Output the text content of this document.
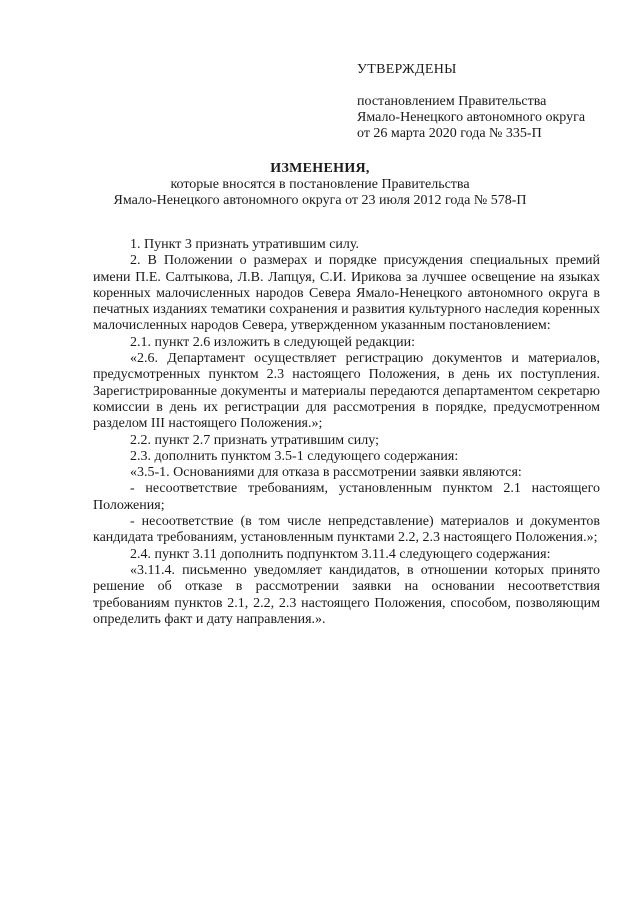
УТВЕРЖДЕНЫ
постановлением Правительства
Ямало-Ненецкого автономного округа
от 26 марта 2020 года № 335-П
ИЗМЕНЕНИЯ,
которые вносятся в постановление Правительства
Ямало-Ненецкого автономного округа от 23 июля 2012 года № 578-П

1. Пункт 3 признать утратившим силу.

2. В Положении о размерах и порядке присуждения специальных премий имени П.Е. Салтыкова, Л.В. Лапцуя, С.И. Ирикова за лучшее освещение на языках коренных малочисленных народов Севера Ямало-Ненецкого автономного округа в печатных изданиях тематики сохранения и развития культурного наследия коренных малочисленных народов Севера, утвержденном указанным постановлением:

2.1. пункт 2.6 изложить в следующей редакции:

«2.6. Департамент осуществляет регистрацию документов и материалов, предусмотренных пунктом 2.3 настоящего Положения, в день их поступления. Зарегистрированные документы и материалы передаются департаментом секретарю комиссии в день их регистрации для рассмотрения в порядке, предусмотренном разделом III настоящего Положения.»;

2.2. пункт 2.7 признать утратившим силу;

2.3. дополнить пунктом 3.5-1 следующего содержания:

«3.5-1. Основаниями для отказа в рассмотрении заявки являются:

- несоответствие требованиям, установленным пунктом 2.1 настоящего Положения;

- несоответствие (в том числе непредставление) материалов и документов кандидата требованиям, установленным пунктами 2.2, 2.3 настоящего Положения.»;

2.4. пункт 3.11 дополнить подпунктом 3.11.4 следующего содержания:

«3.11.4. письменно уведомляет кандидатов, в отношении которых принято решение об отказе в рассмотрении заявки на основании несоответствия требованиям пунктов 2.1, 2.2, 2.3 настоящего Положения, способом, позволяющим определить факт и дату направления.».
